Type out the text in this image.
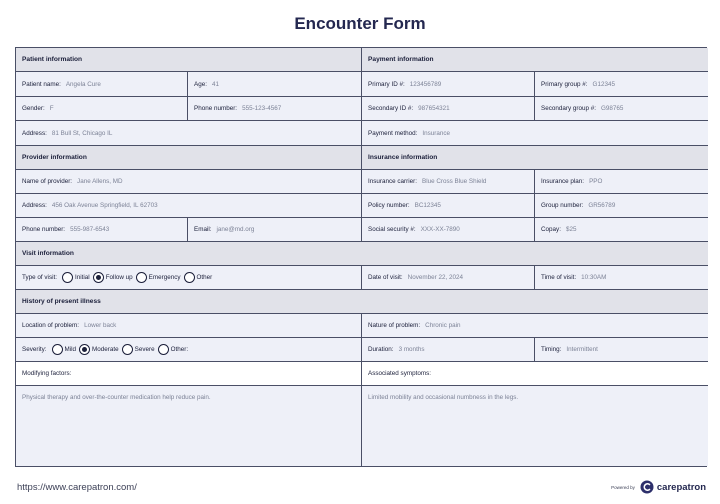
Encounter Form
Patient information	Payment information
Patient name: Angela Cure	Age: 41	Primary ID #: 123456789	Primary group #: G12345
Gender: F	Phone number: 555-123-4567	Secondary ID #: 987654321	Secondary group #: G98765
Address: 81 Bull St, Chicago IL	Payment method: Insurance
Provider information	Insurance information
Name of provider: Jane Allens, MD	Insurance carrier: Blue Cross Blue Shield	Insurance plan: PPO
Address: 456 Oak Avenue Springfield, IL 62703	Policy number: BC12345	Group number: GR56789
Phone number: 555-987-6543	Email: jane@md.org	Social security #: XXX-XX-7890	Copay: $25
Visit information
Type of visit:	Initial	Follow up	Emergency	Other	Date of visit: November 22, 2024	Time of visit: 10:30AM
History of present illness
Location of problem: Lower back	Nature of problem: Chronic pain
Severity:	Mild	Moderate	Severe	Other:	Duration: 3 months	Timing: Intermittent
Modifying factors:	Associated symptoms:
Physical therapy and over-the-counter medication help reduce pain.	Limited mobility and occasional numbness in the legs.
https://www.carepatron.com/	Powered by carepatron
